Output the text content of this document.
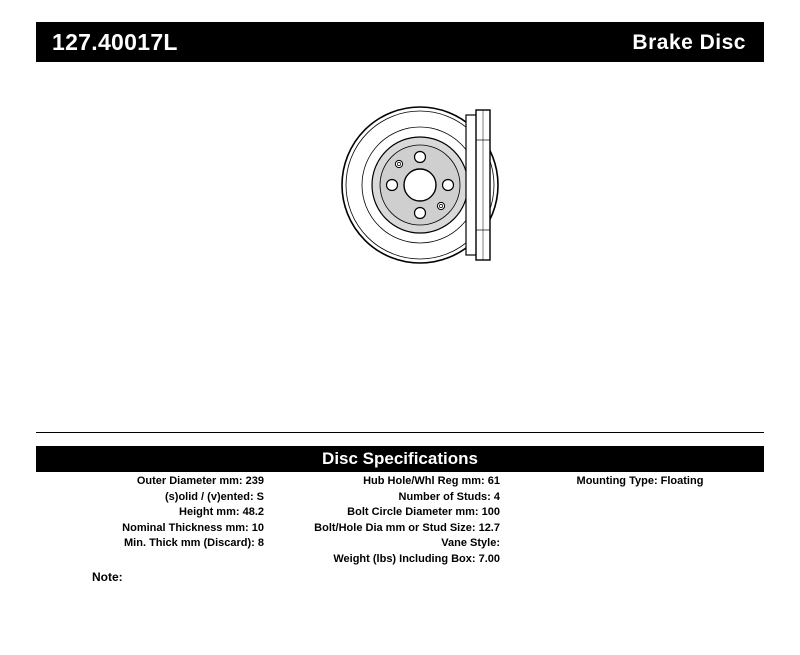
127.40017L	Brake Disc
Disc Specifications
Outer Diameter mm: 239
(s)olid / (v)ented: S
Height mm: 48.2
Nominal Thickness mm: 10
Min. Thick mm (Discard): 8
Hub Hole/Whl Reg mm: 61
Number of Studs: 4
Bolt Circle Diameter mm: 100
Bolt/Hole Dia mm or Stud Size: 12.7
Vane Style:
Weight (lbs) Including Box: 7.00
Mounting Type: Floating
Note:
